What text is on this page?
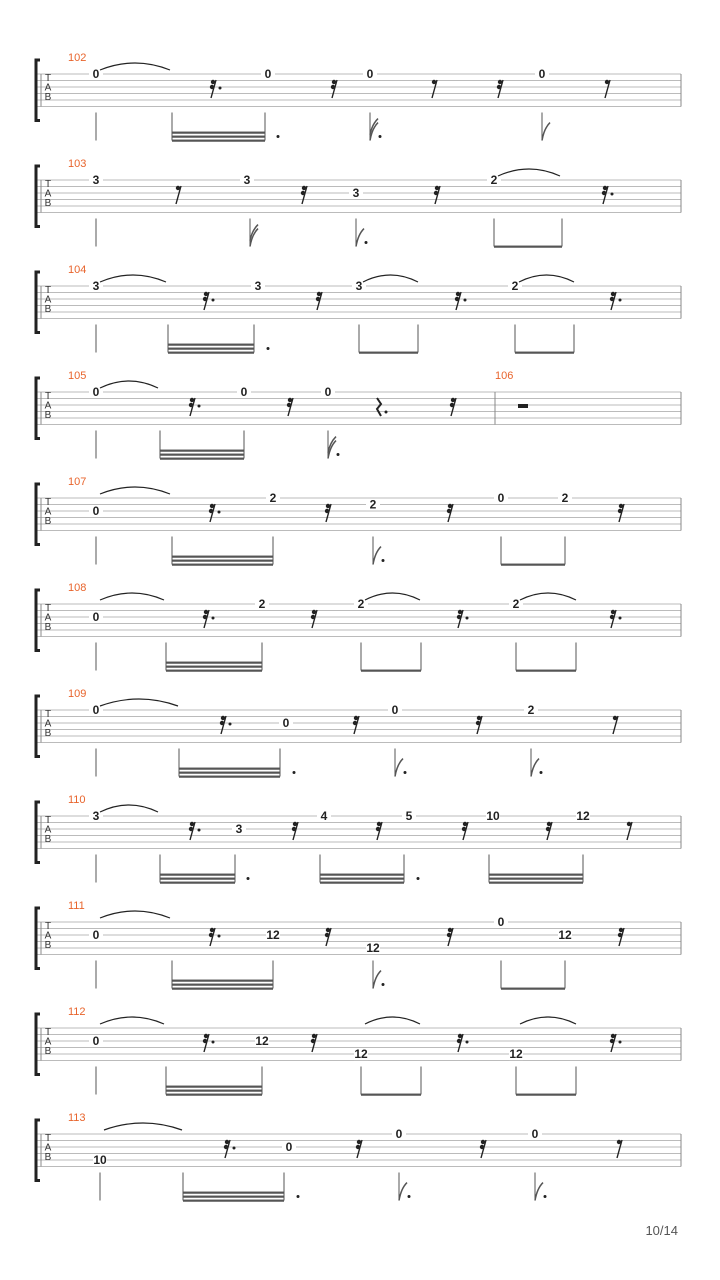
T
A
B
102
0	0	0	0
T
A
B
103
3	3
3
2
T
A
B
104
3	3	3	2
T
A
B
105
0	0	0
106
T
A
B
107
0
2	2	0	2
T
A
B
108
0
2	2	2
T
A
B
109
0
0
0	2
T
A
B
110
3
3
4	5	10	12
T
A
B
111
0	12
12
0
12
T
A
B
112
0	12
12	12
T
A
B
113
10
0
0	0
10/14
